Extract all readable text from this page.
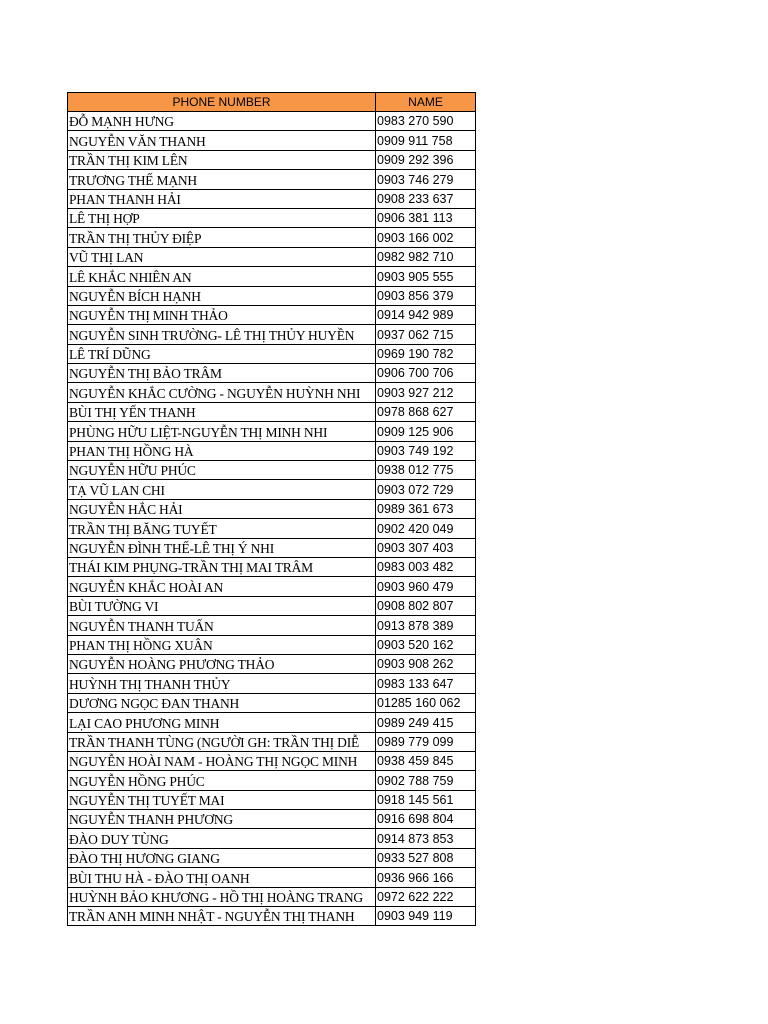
PHONE NUMBER	NAME
ĐỖ MẠNH HƯNG	0983 270 590
NGUYỄN VĂN THANH	0909 911 758
TRẦN THỊ KIM LÊN	0909 292 396
TRƯƠNG THẾ MẠNH	0903 746 279
PHAN THANH HẢI	0908 233 637
LÊ THỊ HỢP	0906 381 113
TRẦN THỊ THỦY ĐIỆP	0903 166 002
VŨ THỊ LAN	0982 982 710
LÊ KHẮC NHIÊN AN	0903 905 555
NGUYỄN BÍCH HẠNH	0903 856 379
NGUYỄN THỊ MINH THẢO	0914 942 989
NGUYỄN SINH TRƯỜNG- LÊ THỊ THỦY HUYỀN	0937 062 715
LÊ TRÍ DŨNG	0969 190 782
NGUYỄN THỊ BẢO TRÂM	0906 700 706
NGUYỄN KHẮC CƯỜNG - NGUYỄN HUỲNH NHI	0903 927 212
BÙI THỊ YẾN THANH	0978 868 627
PHÙNG HỮU LIỆT-NGUYỄN THỊ MINH NHI	0909 125 906
PHAN THỊ HỒNG HÀ	0903 749 192
NGUYỄN HỮU PHÚC	0938 012 775
TẠ VŨ LAN CHI	0903 072 729
NGUYỄN HẮC HẢI	0989 361 673
TRẦN THỊ BĂNG TUYẾT	0902 420 049
NGUYỄN ĐÌNH THẾ-LÊ THỊ Ý NHI	0903 307 403
THÁI KIM PHỤNG-TRẦN THỊ MAI TRÂM	0983 003 482
NGUYỄN KHẮC HOÀI AN	0903 960 479
BÙI TƯỜNG VI	0908 802 807
NGUYỄN THANH TUẤN	0913 878 389
PHAN THỊ HỒNG XUÂN	0903 520 162
NGUYỄN HOÀNG PHƯƠNG THẢO	0903 908 262
HUỲNH THỊ THANH THỦY	0983 133 647
DƯƠNG NGỌC ĐAN THANH	01285 160 062
LẠI CAO PHƯƠNG MINH	0989 249 415
TRẦN THANH TÙNG (NGƯỜI GH: TRẦN THỊ DIỄ	0989 779 099
NGUYỄN HOÀI NAM - HOÀNG THỊ NGỌC MINH	0938 459 845
NGUYỄN HỒNG PHÚC	0902 788 759
NGUYỄN THỊ TUYẾT MAI	0918 145 561
NGUYỄN THANH PHƯƠNG	0916 698 804
ĐÀO DUY TÙNG	0914 873 853
ĐÀO THỊ HƯƠNG GIANG	0933 527 808
BÙI THU HÀ - ĐÀO THỊ OANH	0936 966 166
HUỲNH BẢO KHƯƠNG - HỒ THỊ HOÀNG TRANG	0972 622 222
TRẦN ANH MINH NHẬT - NGUYỄN THỊ THANH	0903 949 119
